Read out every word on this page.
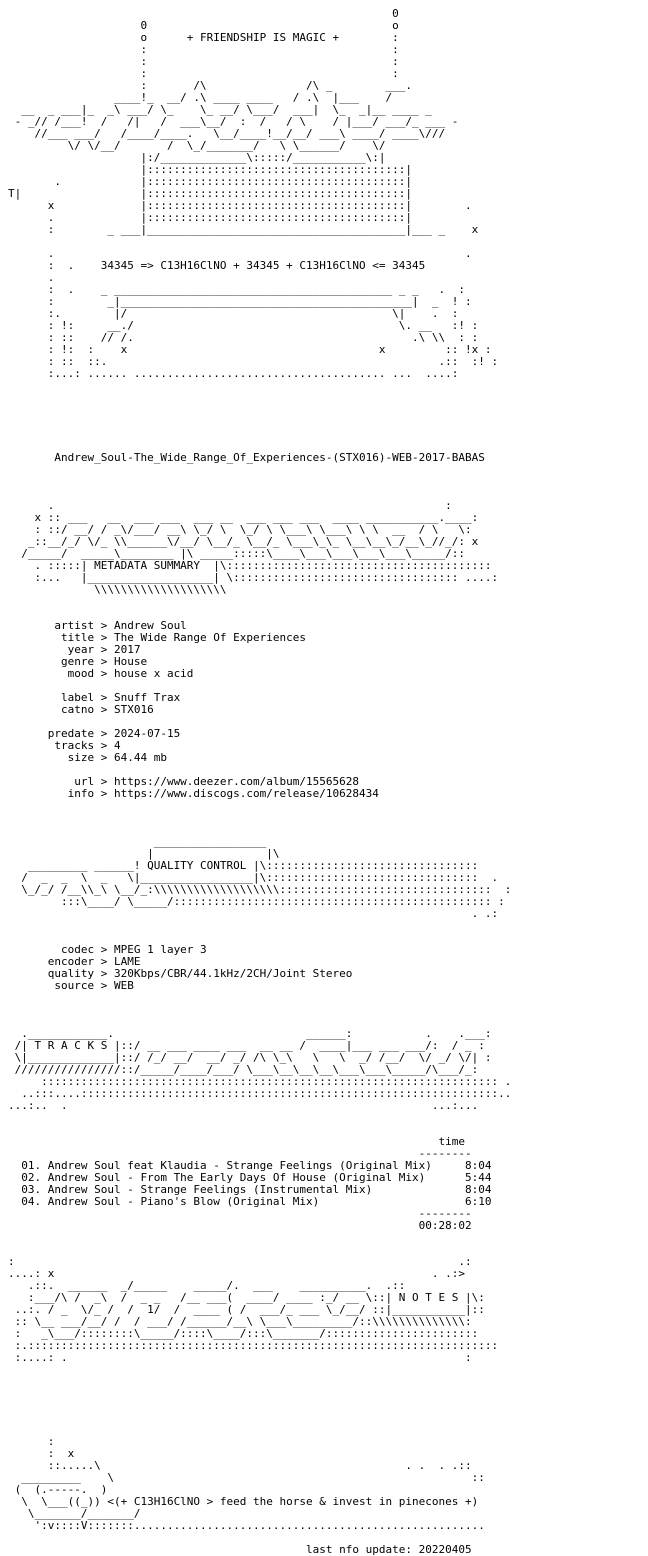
0
0                                     o
o      + FRIENDSHIP IS MAGIC +        :
:                                     :
:                                     :
:                                     :
:       /\               /\ _        ___.
____!_  __/ .\ ____ ____   / .\  |___    /
__  _ ___|_  _\ ___/ \_    \_ __/ \___/  ___|  \_  _|__ ____ _
- _// /___!  /   /|   /  ___\__/  :  /   / \    / |___/ ___/_ ___ -
//___ ___/   /____/____.   \__/____!__/__/ ___\ ____/ ____\///
\/ \/__/       /  \_/_______/   \ \______/    \/
|:/_____________\:::::/___________\:|
|:::::::::::::::::::::::::::::::::::::::|
.            |:::::::::::::::::::::::::::::::::::::::|
T|                  |:::::::::::::::::::::::::::::::::::::::|
x             |:::::::::::::::::::::::::::::::::::::::|        .
.             |:::::::::::::::::::::::::::::::::::::::|
:        _ ___|_______________________________________|___ _    x

.                                                              .
:  .    34345 => C13H16ClNO + 34345 + C13H16ClNO <= 34345
.
:  .    _ __________________________________________ _ _   .  :
:        _|____________________________________________|  _  ! :
:.        |/                                        \|    .  :
: !:     __./                                        \. __   :! :
: ::    // /.                                          .\ \\  : :
: !:  :    x                                      x         :: !x :
: ::  ::.                                                  .::  :! :
:...: ...... ...................................... ...  ....:

Andrew_Soul-The_Wide_Range_Of_Experiences-(STX016)-WEB-2017-BABAS

.                                                           :
x :: ___   __  ___ ___  ___ __  ___ ___ ___  ____ ___________.____:
: ::/ __/ / _\/___/ __\ \_/ \  \_/ \ \___\ \___\ \ \  __  / \   \:
_::__/_/ \/_ \\______\/__/ \__/_ \__/_ \___\_\_ \__\__\_/__\_//_/: x
/_____/  _____\________ |\ _____:::::\____\___\___\___\___\_____/::
. :::::| METADATA SUMMARY  |\::::::::::::::::::::::::::::::::::::::::
:...   |___________________| \:::::::::::::::::::::::::::::::::: ....:
\\\\\\\\\\\\\\\\\\\\

artist > Andrew Soul
title > The Wide Range Of Experiences
year > 2017
genre > House
mood > house x acid

label > Snuff Trax
catno > STX016

predate > 2024-07-15
tracks > 4
size > 64.44 mb

url > https://www.deezer.com/album/15565628
info > https://www.discogs.com/release/10628434

_________________
|                 |\
_________ ______! QUALITY CONTROL |\::::::::::::::::::::::::::::::::
/  _  _  \  _   \|_________________|\::::::::::::::::::::::::::::::::  .
\_/_/ /__\\_\ \__/_:\\\\\\\\\\\\\\\\\\\::::::::::::::::::::::::::::::::  :
:::\____/ \_____/:::::::::::::::::::::::::::::::::::::::::::::::: :
. .:

codec > MPEG 1 layer 3
encoder > LAME
quality > 320Kbps/CBR/44.1kHz/2CH/Joint Stereo
source > WEB

.____________.                             ______:           .    .___:
/| T R A C K S |::/ __ ___ ____ ___  __ __ /  ____|___ ___ ___/:  / _ :
\|_____________|::/ /_/ __/  __/ _/ /\ \_\   \   \  _/ /__/  \/ _/ \/| :
////////////////::/_____/____/___/ \___\__\__\__\___\___\_____/\___/_:
::::::::::::::::::::::::::::::::::::::::::::::::::::::::::::::::::::: .
..:::....:::::::::::::::::::::::::::::::::::::::::::::::::::::::::::::::..
...:..  .                                                       ...:...

time
--------
01. Andrew Soul feat Klaudia - Strange Feelings (Original Mix)     8:04
02. Andrew Soul - From The Early Days Of House (Original Mix)      5:44
03. Andrew Soul - Strange Feelings (Instrumental Mix)              8:04
04. Andrew Soul - Piano's Blow (Original Mix)                      6:10
--------
00:28:02

:                                                                   .:
....: x                                                         . .:>
.::.  ______  _/_____    _____/.  ___    __________.  .::
:___/\ /  _\  /  _ _   /__ ___(  ____/ ____ :_/ __ \::| N O T E S |\:
..:. / _  \/_ /  /  1/  /  ____ ( /  ___/_ ___ \_/__/ ::|___________|::
:: \__ ___/__/ /  / ___/ /______/__\ \___\_________/::\\\\\\\\\\\\\\:
:   _\___/::::::::\_____/::::\____/:::\_______/:::::::::::::::::::::::
:.:::::::::::::::::::::::::::::::::::::::::::::::::::::::::::::::::::::::
:....: .                                                            :

:
:  x
::.....\                                              . .  . .::
_________    \                                                      ::
(  (.-----.  )
\  \___((_)) <(+ C13H16ClNO > feed the horse & invest in pinecones +)
\_______/_______/
':v::::V:::::::.....................................................

last nfo update: 20220405
